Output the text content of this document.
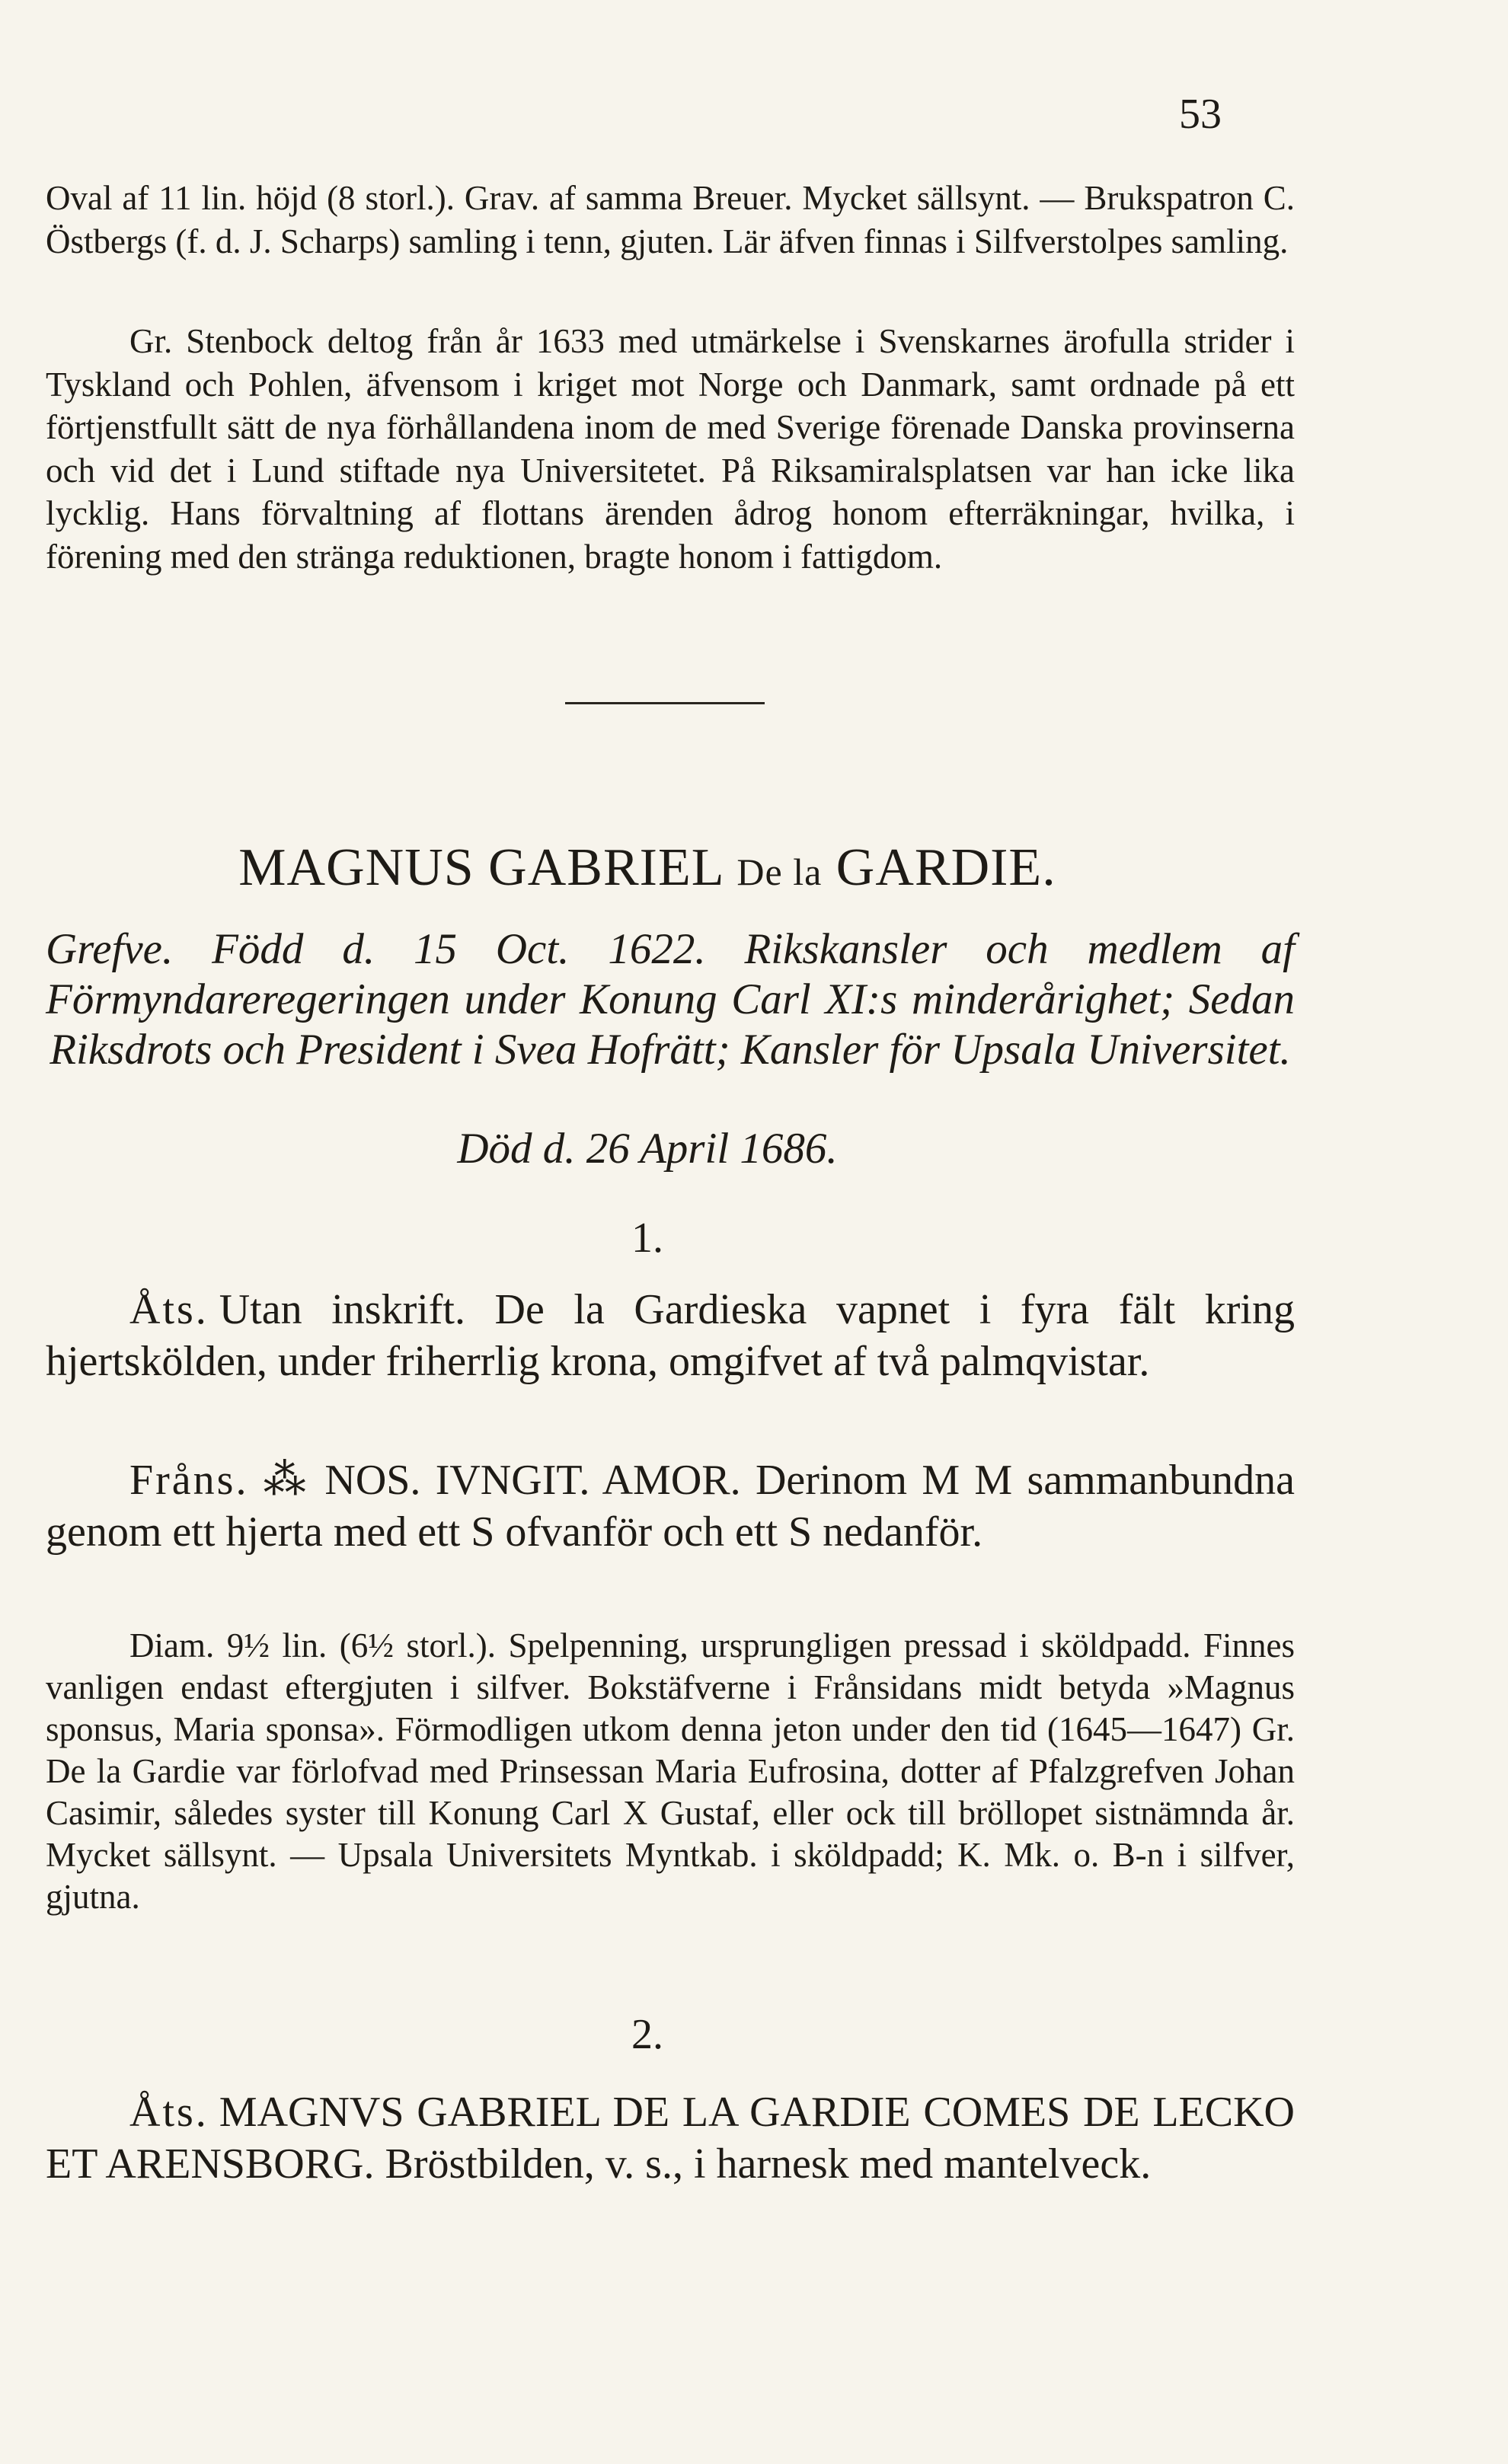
53

Oval af 11 lin. höjd (8 storl.). Grav. af samma Breuer. Mycket sällsynt. — Brukspatron C. Östbergs (f. d. J. Scharps) samling i tenn, gjuten. Lär äfven finnas i Silfverstolpes samling.

Gr. Stenbock deltog från år 1633 med utmärkelse i Svenskarnes ärofulla strider i Tyskland och Pohlen, äfvensom i kriget mot Norge och Danmark, samt ordnade på ett förtjenstfullt sätt de nya förhållandena inom de med Sverige förenade Danska provinserna och vid det i Lund stiftade nya Universitetet. På Riksamiralsplatsen var han icke lika lycklig. Hans förvaltning af flottans ärenden ådrog honom efterräkningar, hvilka, i förening med den stränga reduktionen, bragte honom i fattigdom.

MAGNUS GABRIEL De la GARDIE.

Grefve. Född d. 15 Oct. 1622. Rikskansler och medlem af Förmyndareregeringen under Konung Carl XI:s minderårighet; Sedan Riksdrots och President i Svea Hofrätt; Kansler för Upsala Universitet.

Död d. 26 April 1686.
1.

Åts. Utan inskrift. De la Gardieska vapnet i fyra fält kring hjertskölden, under friherrlig krona, omgifvet af två palmqvistar.

Fråns. ⁂ NOS. IVNGIT. AMOR. Derinom M M sammanbundna genom ett hjerta med ett S ofvanför och ett S nedanför.

Diam. 9½ lin. (6½ storl.). Spelpenning, ursprungligen pressad i sköldpadd. Finnes vanligen endast eftergjuten i silfver. Bokstäfverne i Frånsidans midt betyda »Magnus sponsus, Maria sponsa». Förmodligen utkom denna jeton under den tid (1645—1647) Gr. De la Gardie var förlofvad med Prinsessan Maria Eufrosina, dotter af Pfalzgrefven Johan Casimir, således syster till Konung Carl X Gustaf, eller ock till bröllopet sistnämnda år. Mycket sällsynt. — Upsala Universitets Myntkab. i sköldpadd; K. Mk. o. B-n i silfver, gjutna.

2.

Åts. MAGNVS GABRIEL DE LA GARDIE COMES DE LECKO ET ARENSBORG. Bröstbilden, v. s., i harnesk med mantelveck.
